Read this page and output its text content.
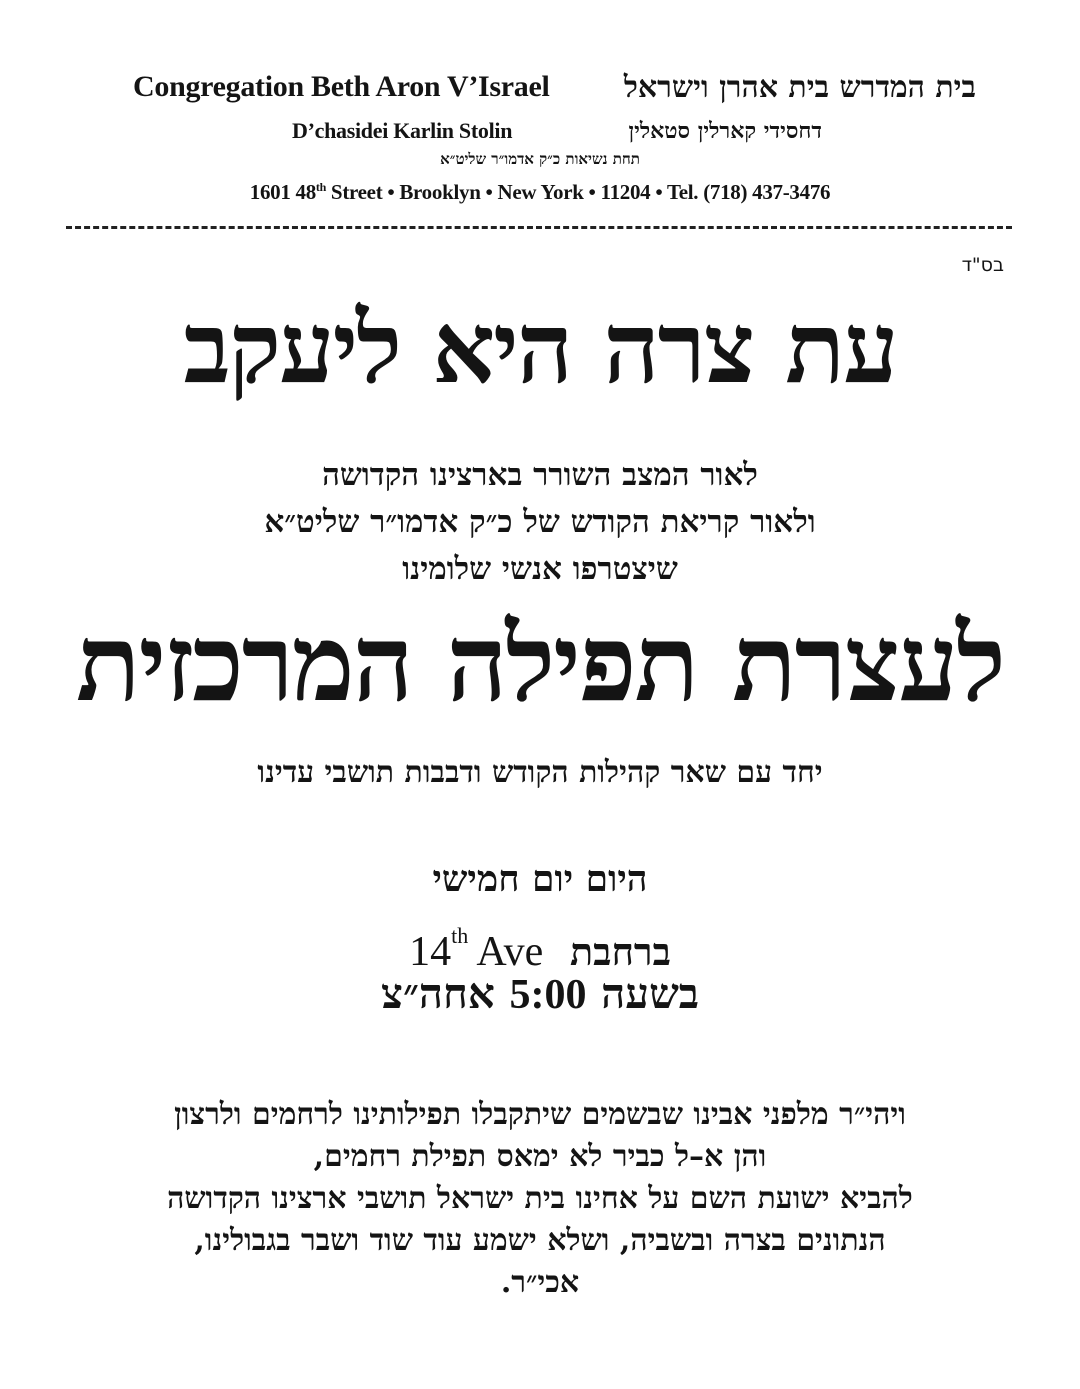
Congregation Beth Aron V’Israel בית המדרש בית אהרן וישראל
D’chasidei Karlin Stolin	דחסידי קארלין סטאלין
תחת נשיאות כ״ק אדמו״ר שליט״א
1601 48th Street • Brooklyn • New York • 11204 • Tel. (718) 437-3476
בס"ד
עת צרה היא ליעקב
לאור המצב השורר בארצינו הקדושה
ולאור קריאת הקודש של כ״ק אדמו״ר שליט״א
שיצטרפו אנשי שלומינו
לעצרת תפילה המרכזית
יחד עם שאר קהילות הקודש ודבבות תושבי עדינו
היום יום חמישי
14th Ave ברחבת
בשעה 5:00 אחה״צ
ויהי״ר מלפני אבינו שבשמים שיתקבלו תפילותינו לרחמים ולרצון
והן א–ל כביר לא ימאס תפילת רחמים,
להביא ישועת השם על אחינו בית ישראל תושבי ארצינו הקדושה
הנתונים בצרה ובשביה, ושלא ישמע עוד שוד ושבר בגבולינו,
אכי״ר.
